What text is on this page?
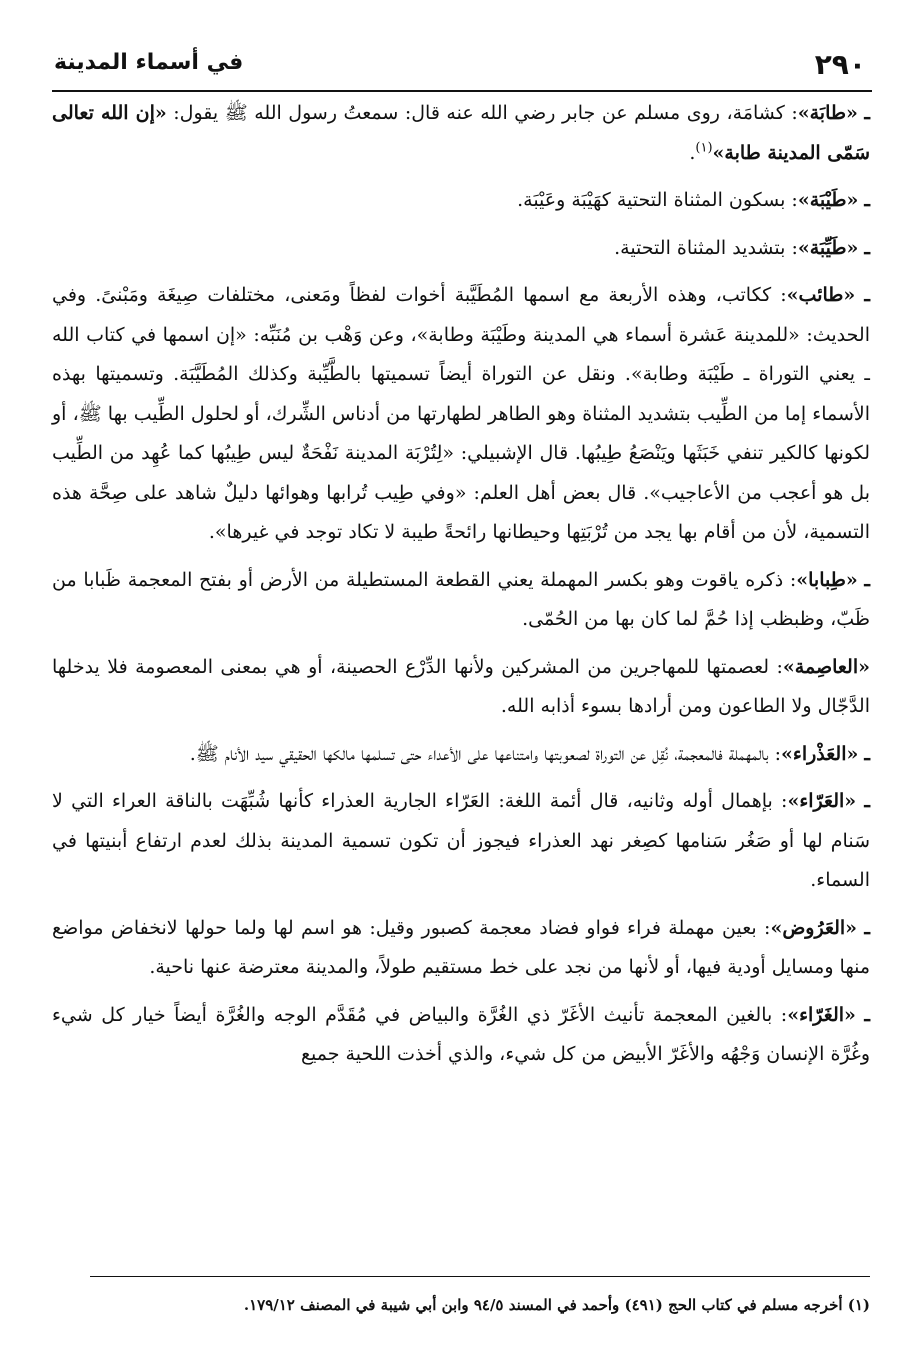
٢٩٠
في أسماء المدينة

ـ «طابَة»: كشامَة، روى مسلم عن جابر رضي الله عنه قال: سمعتُ رسول الله ﷺ يقول: «إن الله تعالى سَمّى المدينة طابة»$^{(١)}$.

ـ «طَيْبَة»: بسكون المثناة التحتية كهَيْبَة وعَيْبَة.

ـ «طَيِّبَة»: بتشديد المثناة التحتية.

ـ «طائب»: ككاتب، وهذه الأربعة مع اسمها المُطَيَّبة أخوات لفظاً ومَعنى، مختلفات صِيغَة ومَبْنىً. وفي الحديث: «للمدينة عَشرة أسماء هي المدينة وطَيْبَة وطابة»، وعن وَهْب بن مُنَبِّه: «إن اسمها في كتاب الله ـ يعني التوراة ـ طَيْبَة وطابة». ونقل عن التوراة أيضاً تسميتها بالطَّيِّبة وكذلك المُطَيَّبَة. وتسميتها بهذه الأسماء إما من الطِّيب بتشديد المثناة وهو الطاهر لطهارتها من أدناس الشِّرك، أو لحلول الطِّيب بها ﷺ، أو لكونها كالكير تنفي خَبَثَها ويَنْصَعُ طِيبُها. قال الإشبيلي: «لِتُرْبَة المدينة نَفْحَةٌ ليس طِيبُها كما عُهِد من الطِّيب بل هو أعجب من الأعاجيب». قال بعض أهل العلم: «وفي طِيب تُرابها وهوائها دليلٌ شاهد على صِحَّة هذه التسمية، لأن من أقام بها يجد من تُرْبَتِها وحيطانها رائحةً طيبة لا تكاد توجد في غيرها».

ـ «طِبابا»: ذكره ياقوت وهو بكسر المهملة يعني القطعة المستطيلة من الأرض أو بفتح المعجمة ظَبابا من ظَبّ، وظبظب إذا حُمَّ لما كان بها من الحُمّى.

«العاصِمة»: لعصمتها للمهاجرين من المشركين ولأنها الدِّرْع الحصينة، أو هي بمعنى المعصومة فلا يدخلها الدَّجّال ولا الطاعون ومن أرادها بسوء أذابه الله.

ـ «العَذْراء»: بالمهملة فالمعجمة، نُقِل عن التوراة لصعوبتها وامتناعها على الأعداء حتى تسلمها مالكها الحقيقي سيد الأنام ﷺ.

ـ «العَرّاء»: بإهمال أوله وثانيه، قال أئمة اللغة: العَرّاء الجارية العذراء كأنها شُبِّهَت بالناقة العراء التي لا سَنام لها أو صَغُر سَنامها كصِغر نهد العذراء فيجوز أن تكون تسمية المدينة بذلك لعدم ارتفاع أبنيتها في السماء.

ـ «العَرُوض»: بعين مهملة فراء فواو فضاد معجمة كصبور وقيل: هو اسم لها ولما حولها لانخفاض مواضع منها ومسايل أودية فيها، أو لأنها من نجد على خط مستقيم طولاً، والمدينة معترضة عنها ناحية.

ـ «الغَرّاء»: بالغين المعجمة تأنيث الأغَرّ ذي الغُرَّة والبياض في مُقَدَّم الوجه والغُرَّة أيضاً خيار كل شيء وغُرَّة الإنسان وَجْهُه والأغَرّ الأبيض من كل شيء، والذي أخذت اللحية جميع

(١) أخرجه مسلم في كتاب الحج (٤٩١) وأحمد في المسند ٩٤/٥ وابن أبي شيبة في المصنف ١٧٩/١٢.
